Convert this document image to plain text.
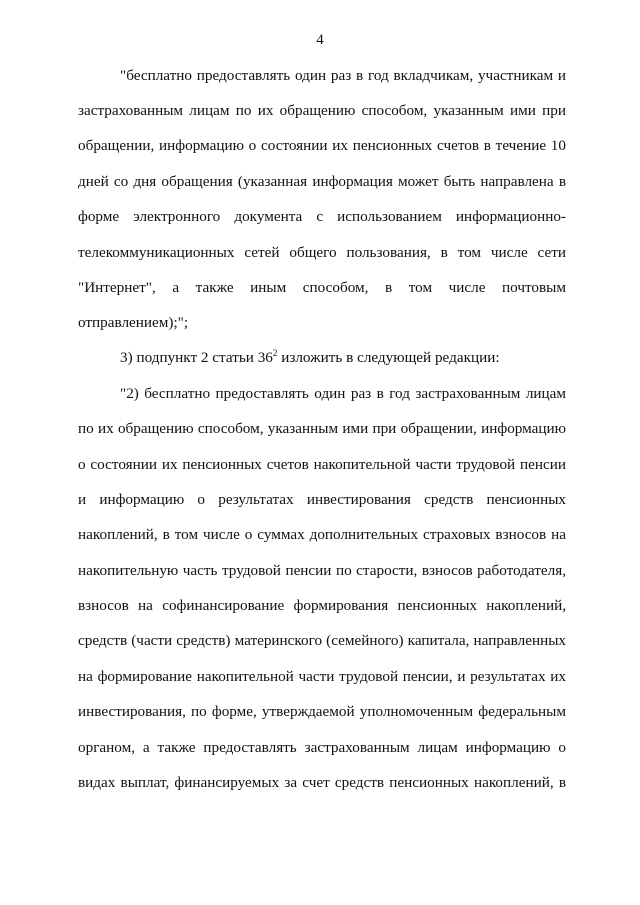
4
"бесплатно предоставлять один раз в год вкладчикам, участникам и
застрахованным лицам по их обращению способом, указанным ими при
обращении, информацию о состоянии их пенсионных счетов в течение 10
дней со дня обращения (указанная информация может быть направлена в
форме электронного документа с использованием информационно-
телекоммуникационных сетей общего пользования, в том числе сети
"Интернет", а также иным способом, в том числе почтовым
отправлением);";
3) подпункт 2 статьи $36^2$ изложить в следующей редакции:
"2) бесплатно предоставлять один раз в год застрахованным лицам
по их обращению способом, указанным ими при обращении, информацию
о состоянии их пенсионных счетов накопительной части трудовой пенсии
и информацию о результатах инвестирования средств пенсионных
накоплений, в том числе о суммах дополнительных страховых взносов на
накопительную часть трудовой пенсии по старости, взносов работодателя,
взносов на софинансирование формирования пенсионных накоплений,
средств (части средств) материнского (семейного) капитала, направленных
на формирование накопительной части трудовой пенсии, и результатах их
инвестирования, по форме, утверждаемой уполномоченным федеральным
органом, а также предоставлять застрахованным лицам информацию о
видах выплат, финансируемых за счет средств пенсионных накоплений, в
